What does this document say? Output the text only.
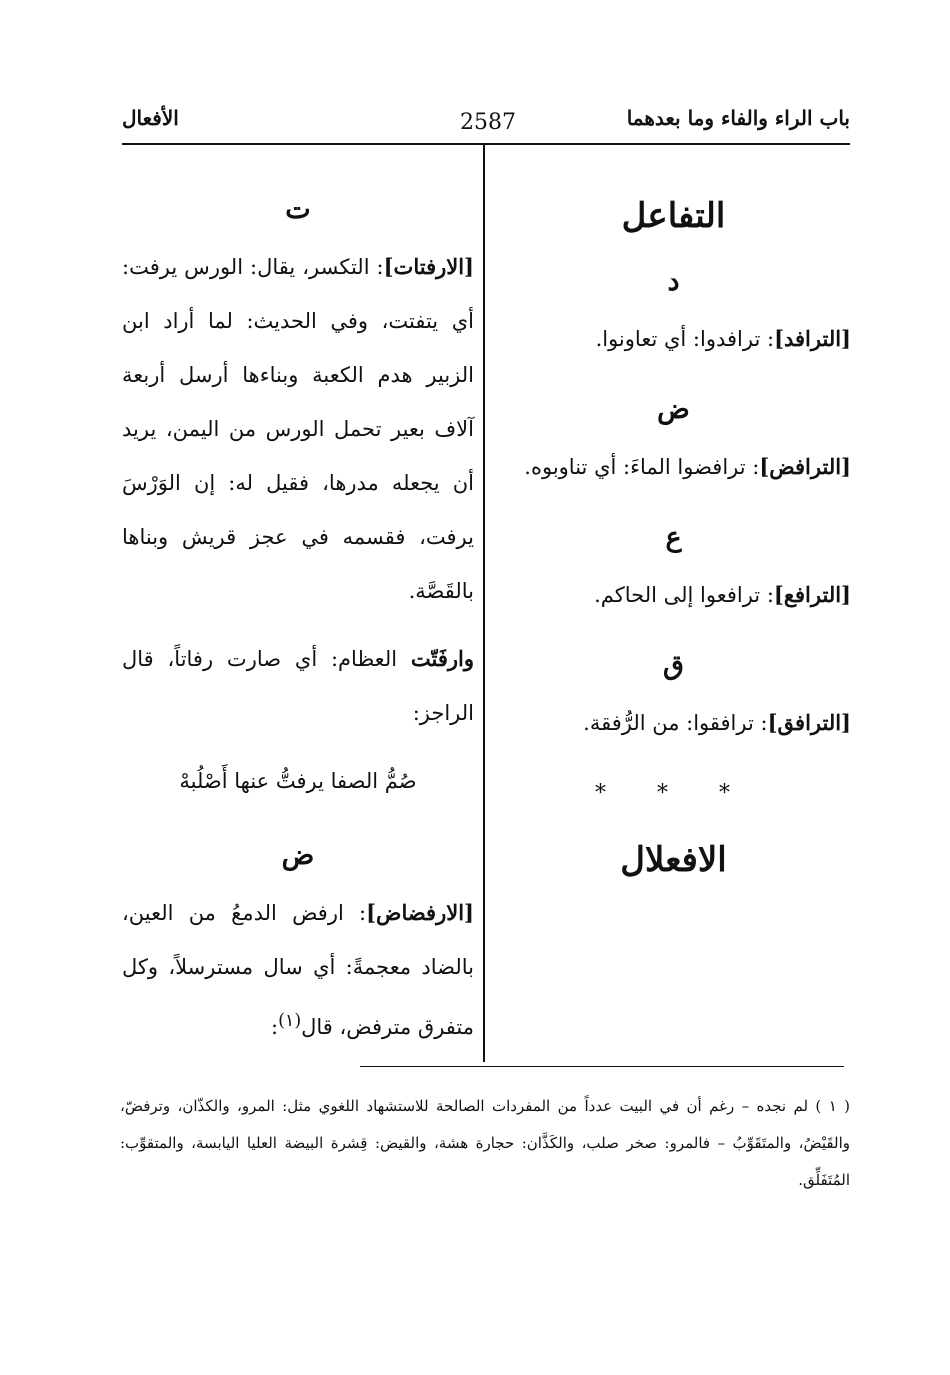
باب الراء والفاء وما بعدهما
2587
الأفعال
التفاعل
د

[الترافد]: ترافدوا: أي تعاونوا.

ض

[الترافض]: ترافضوا الماءَ: أي تناوبوه.

ع

[الترافع]: ترافعوا إلى الحاكم.

ق

[الترافق]: ترافقوا: من الرُّفقة.

* * *
الافعلال
ت

[الارفتات]: التكسر، يقال: الورس يرفت: أي يتفتت، وفي الحديث: لما أراد ابن الزبير هدم الكعبة وبناءها أرسل أربعة آلاف بعير تحمل الورس من اليمن، يريد أن يجعله مدرها، فقيل له: إن الوَرْسَ يرفت، فقسمه في عجز قريش وبناها بالقَصَّة.

وارفَتّت العظام: أي صارت رفاتاً، قال الراجز:

صُمُّ الصفا يرفتُّ عنها أَصْلُبهْ
ض

[الارفضاض]: ارفض الدمعُ من العين، بالضاد معجمةً: أي سال مسترسلاً، وكل متفرق مترفض، قال$^{(١)}$:

( ١ ) لم نجده – رغم أن في البيت عدداً من المفردات الصالحة للاستشهاد اللغوي مثل: المرو، والكذّان، وترفضّ، والقَيْضُ، والمتَقَوِّبُ – فالمرو: صخر صلب، والكَذَّان: حجارة هشة، والقيض: قِشرة البيضة العليا اليابسة، والمتقوِّب: المُتَفَلِّق.
